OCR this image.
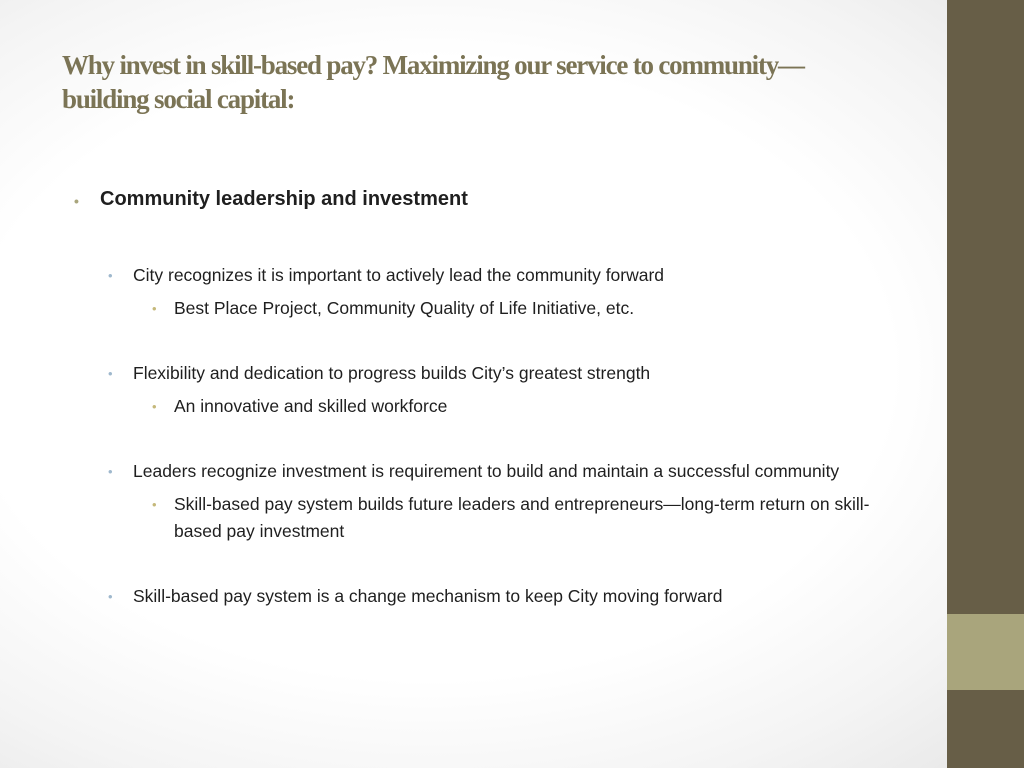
Why invest in skill-based pay? Maximizing our service to community—
building social capital:
• Community leadership and investment
• City recognizes it is important to actively lead the community forward
• Best Place Project, Community Quality of Life Initiative, etc.
• Flexibility and dedication to progress builds City’s greatest strength
• An innovative and skilled workforce
• Leaders recognize investment is requirement to build and maintain a successful community
• Skill-based pay system builds future leaders and entrepreneurs—long-term return on skill-based pay investment
• Skill-based pay system is a change mechanism to keep City moving forward
